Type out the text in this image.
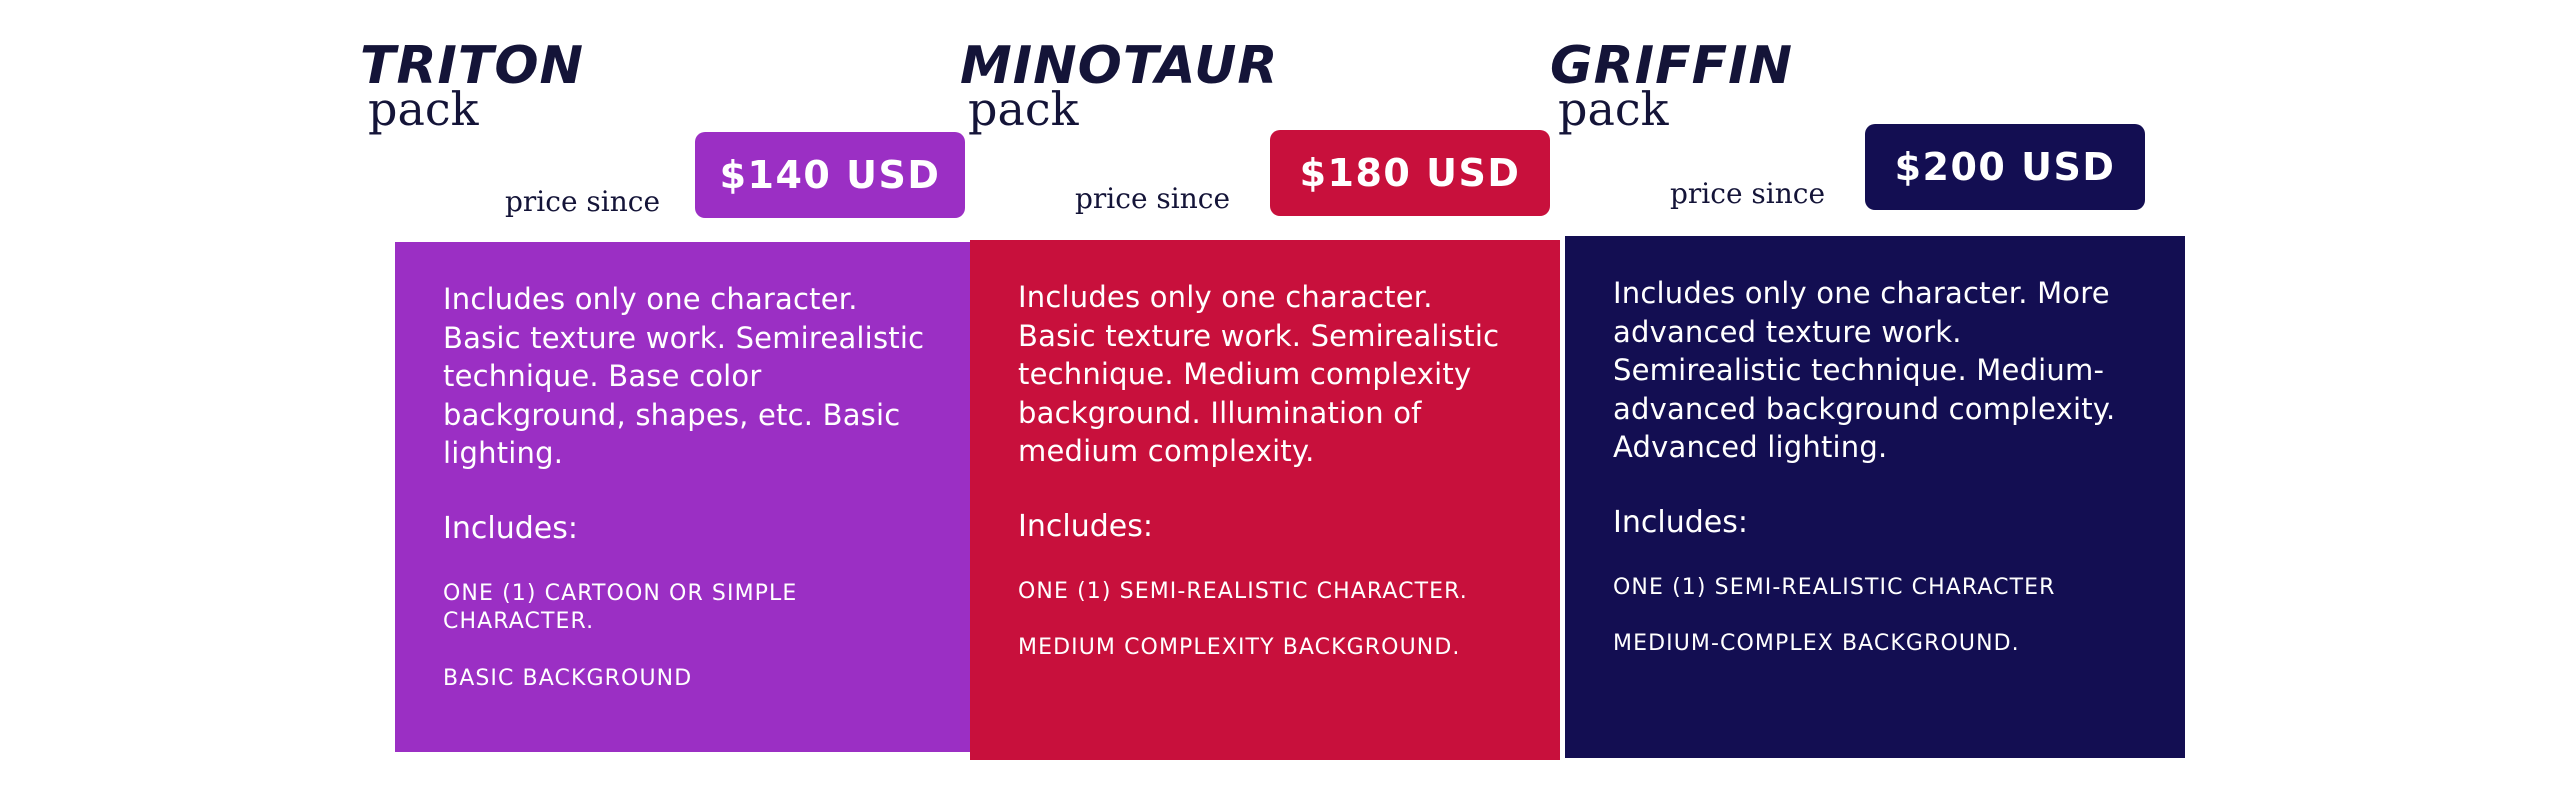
TRITON
pack
price since
$140 USD

Includes only one character. Basic texture work. Semirealistic technique. Base color background, shapes, etc. Basic lighting.

Includes:

ONE (1) CARTOON OR SIMPLE CHARACTER.

BASIC BACKGROUND

MINOTAUR
pack
price since
$180 USD

Includes only one character. Basic texture work. Semirealistic technique. Medium complexity background. Illumination of medium complexity.

Includes:

ONE (1) SEMI-REALISTIC CHARACTER.

MEDIUM COMPLEXITY BACKGROUND.

GRIFFIN
pack
price since
$200 USD

Includes only one character. More advanced texture work. Semirealistic technique. Medium-advanced background complexity. Advanced lighting.

Includes:

ONE (1) SEMI-REALISTIC CHARACTER

MEDIUM-COMPLEX BACKGROUND.
